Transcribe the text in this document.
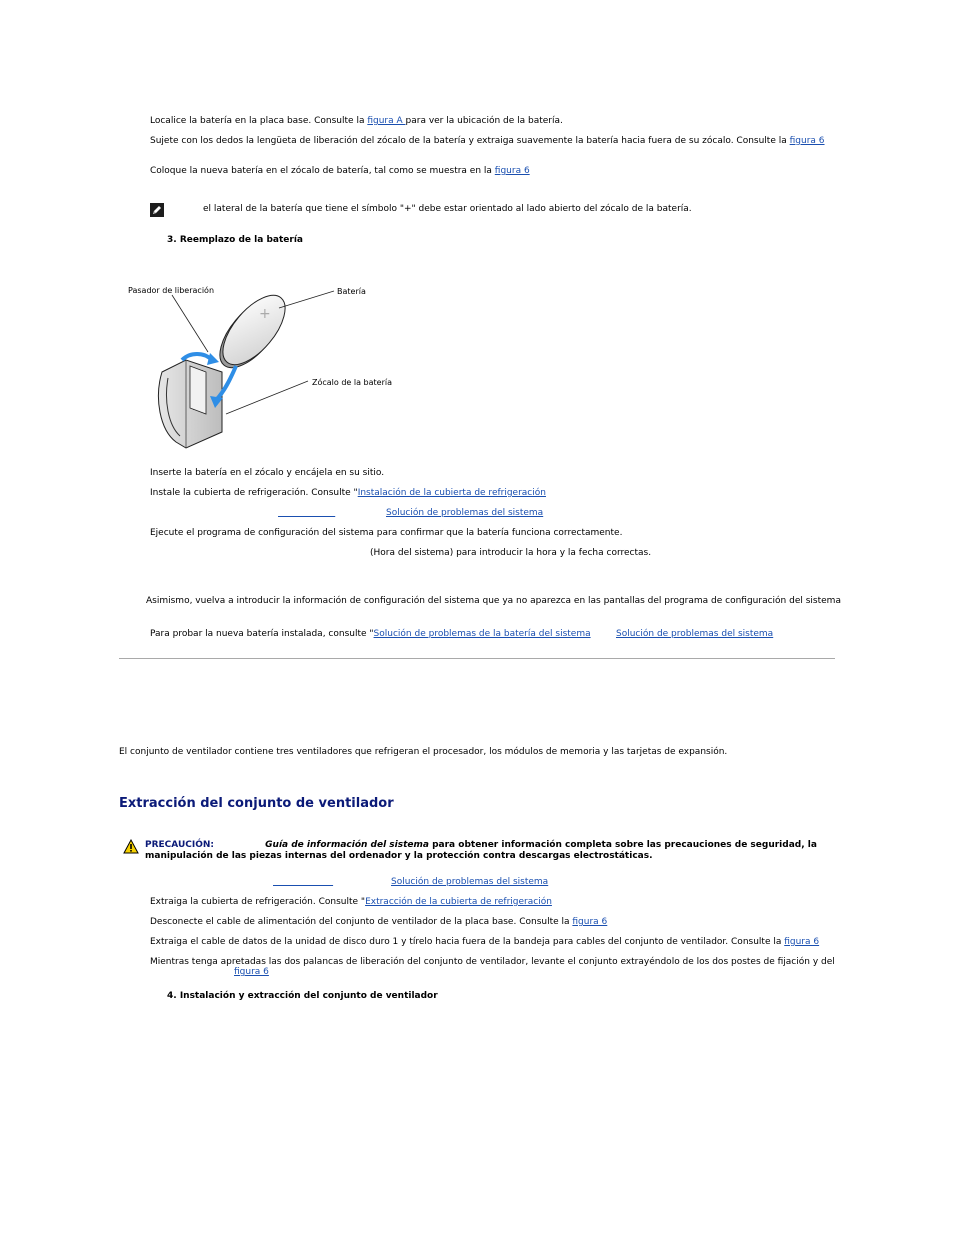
Localice la batería en la placa base. Consulte la figura A para ver la ubicación de la batería.
Sujete con los dedos la lengüeta de liberación del zócalo de la batería y extraiga suavemente la batería hacia fuera de su zócalo. Consulte la figura 6
Coloque la nueva batería en el zócalo de batería, tal como se muestra en la figura 6
el lateral de la batería que tiene el símbolo "+" debe estar orientado al lado abierto del zócalo de la batería.
3. Reemplazo de la batería
+
Pasador de liberación	Batería
Zócalo de la batería
Inserte la batería en el zócalo y encájela en su sitio.
Instale la cubierta de refrigeración. Consulte "Instalación de la cubierta de refrigeración

Solución de problemas del sistema
Ejecute el programa de configuración del sistema para confirmar que la batería funciona correctamente.
(Hora del sistema) para introducir la hora y la fecha correctas.
Asimismo, vuelva a introducir la información de configuración del sistema que ya no aparezca en las pantallas del programa de configuración del sistema
Para probar la nueva batería instalada, consulte "Solución de problemas de la batería del sistema	Solución de problemas del sistema
El conjunto de ventilador contiene tres ventiladores que refrigeran el procesador, los módulos de memoria y las tarjetas de expansión.
Extracción del conjunto de ventilador
PRECAUCIÓN:	Guía de información del sistema para obtener información completa sobre las precauciones de seguridad, la
manipulación de las piezas internas del ordenador y la protección contra descargas electrostáticas.

Solución de problemas del sistema
Extraiga la cubierta de refrigeración. Consulte "Extracción de la cubierta de refrigeración
Desconecte el cable de alimentación del conjunto de ventilador de la placa base. Consulte la figura 6
Extraiga el cable de datos de la unidad de disco duro 1 y tírelo hacia fuera de la bandeja para cables del conjunto de ventilador. Consulte la figura 6
Mientras tenga apretadas las dos palancas de liberación del conjunto de ventilador, levante el conjunto extrayéndolo de los dos postes de fijación y del
figura 6
4. Instalación y extracción del conjunto de ventilador
